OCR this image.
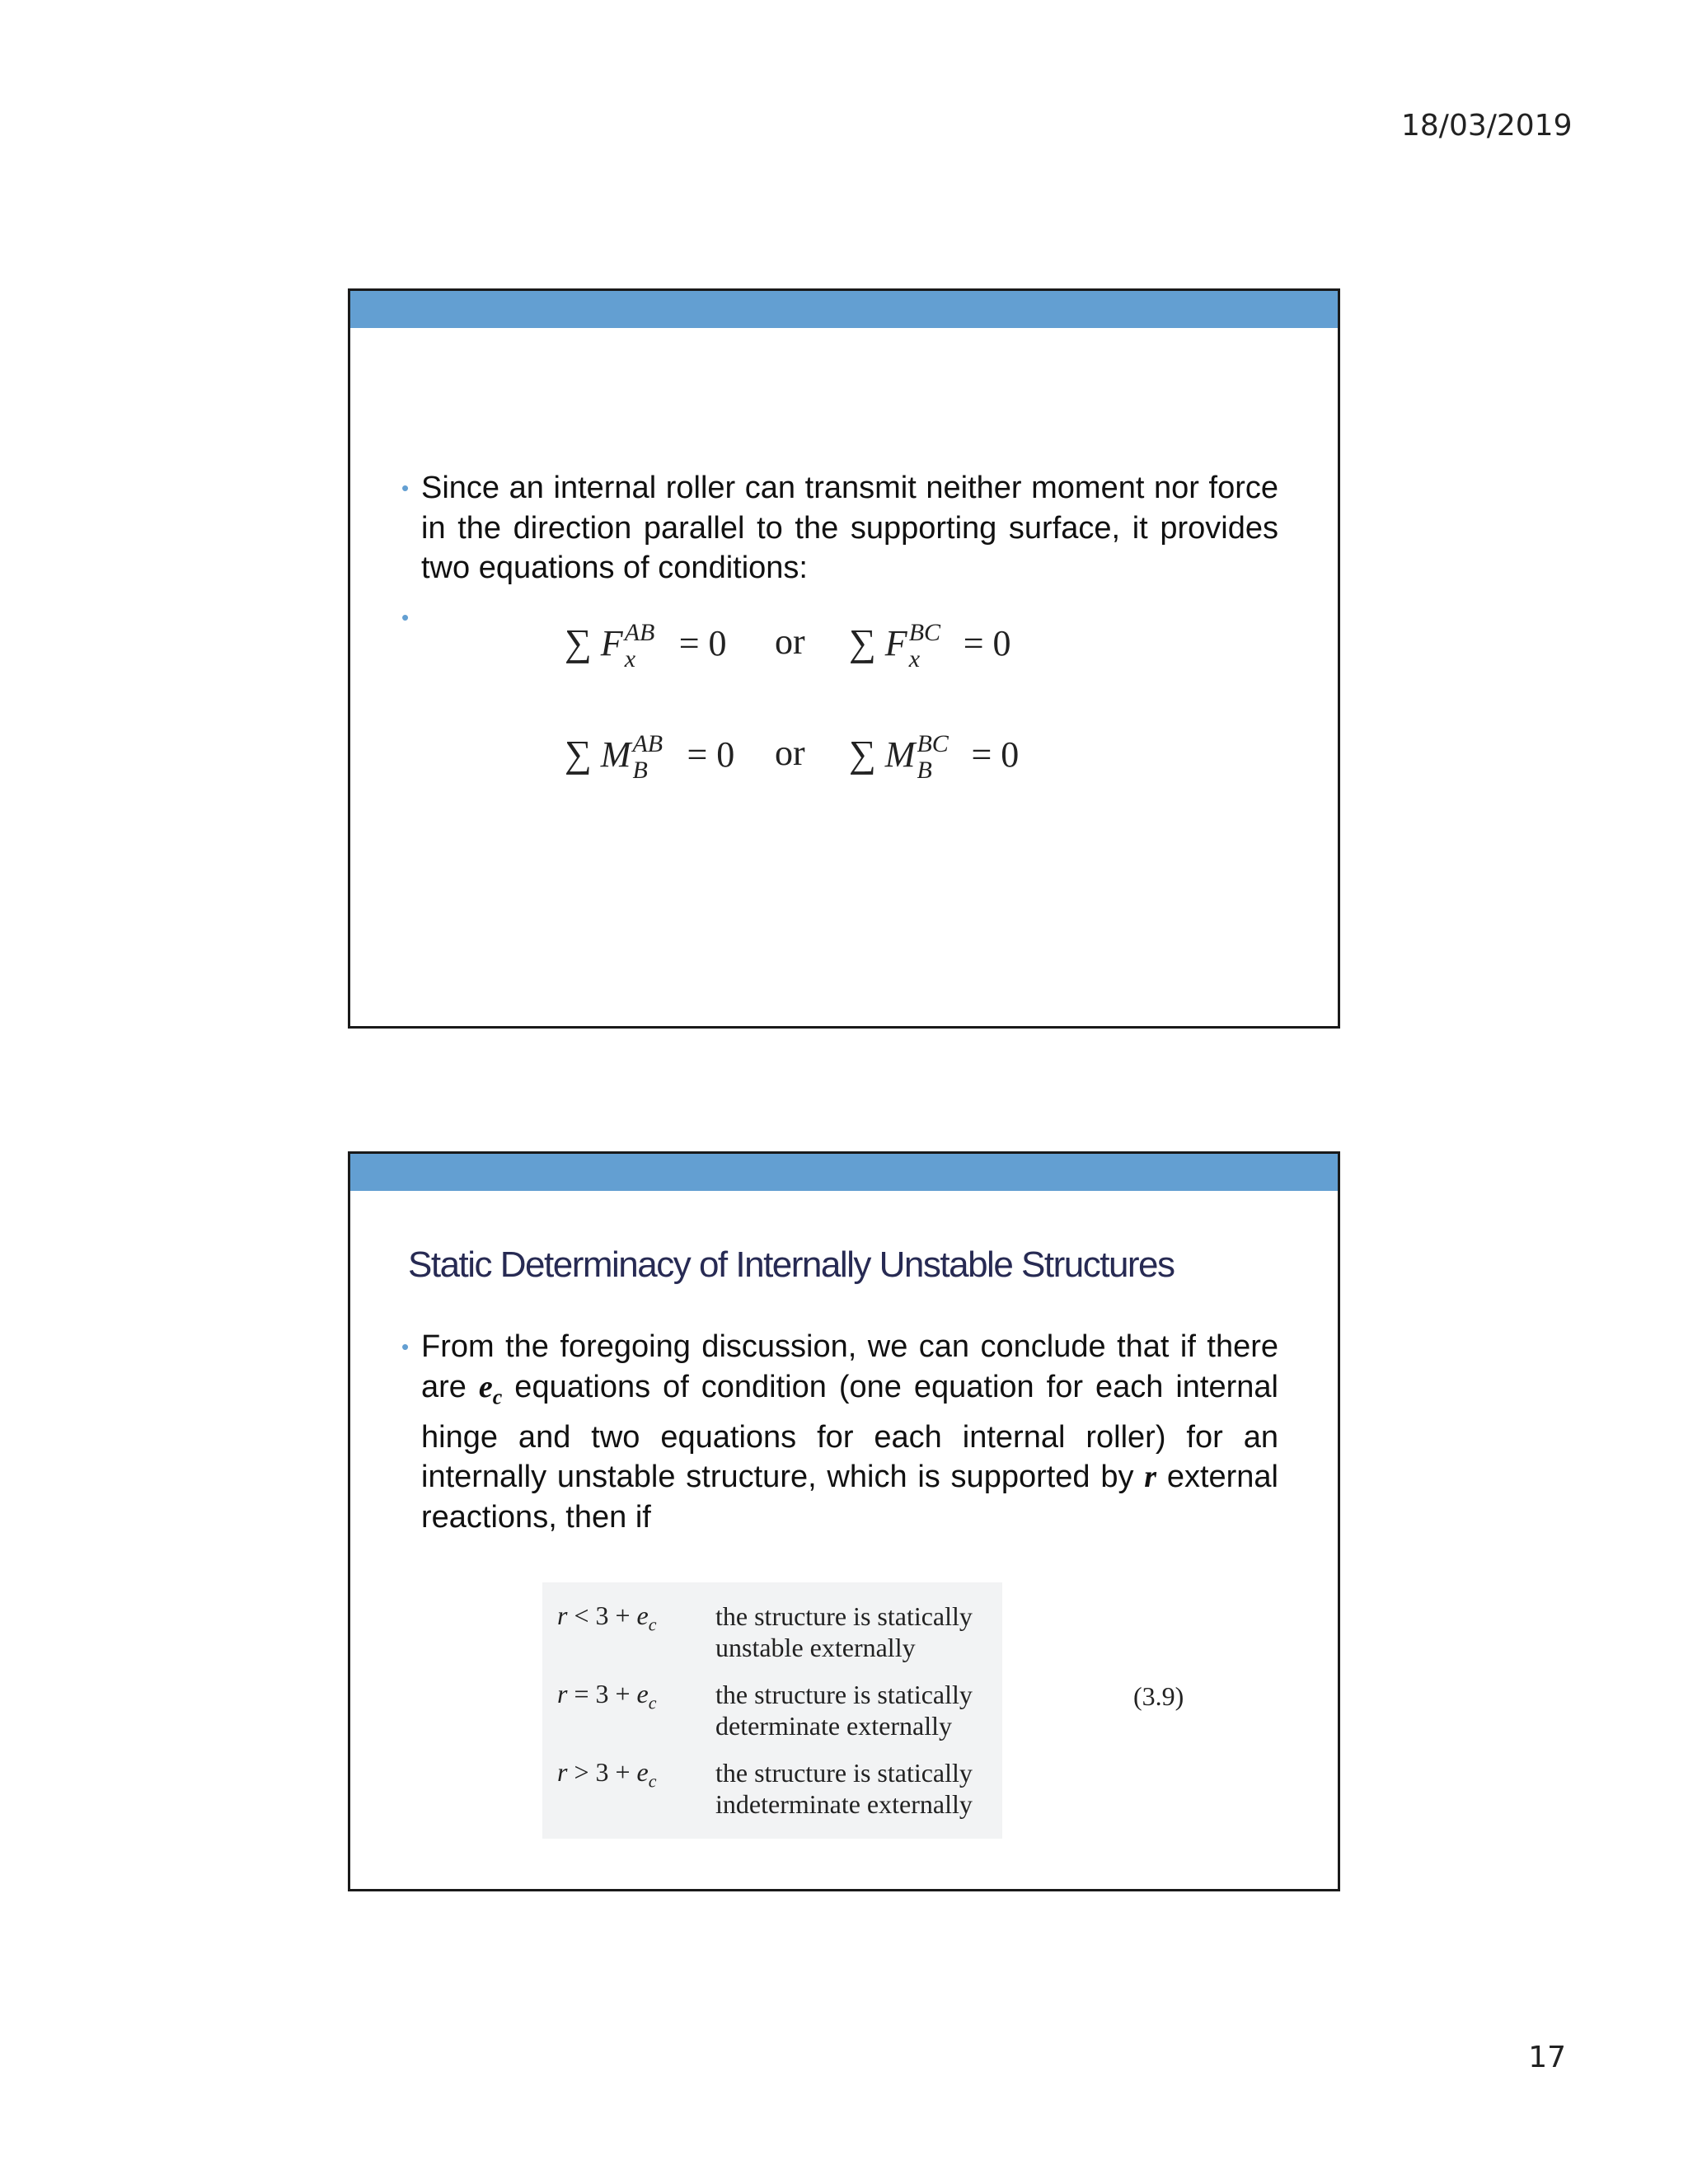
18/03/2019
• Since an internal roller can transmit neither moment nor force in the direction parallel to the supporting surface, it provides two equations of conditions:
•
∑ F AB
x = 0 or ∑ F BC
x = 0
∑ M AB
B = 0 or ∑ M BC
B = 0
Static Determinacy of Internally Unstable Structures
• From the foregoing discussion, we can conclude that if there are $e_c$ equations of condition (one equation for each internal hinge and two equations for each internal roller) for an internally unstable structure, which is supported by r external reactions, then if
$r < 3 + e_c$ the structure is statically unstable externally
$r = 3 + e_c$ the structure is statically determinate externally
$r > 3 + e_c$ the structure is statically indeterminate externally
(3.9)
17
